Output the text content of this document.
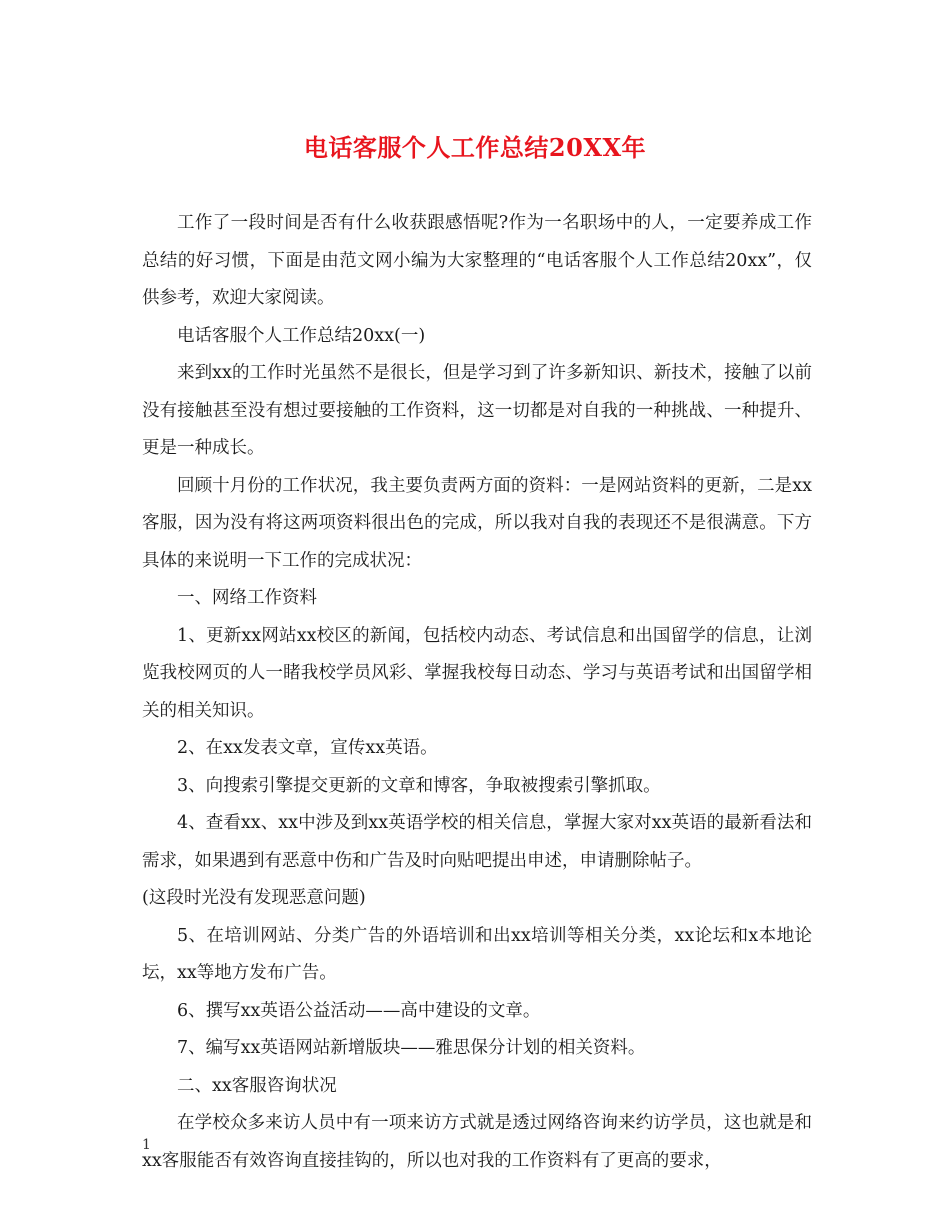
电话客服个人工作总结20XX年

工作了一段时间是否有什么收获跟感悟呢?作为一名职场中的人，一定要养成工作总结的好习惯，下面是由范文网小编为大家整理的“电话客服个人工作总结20xx”，仅供参考，欢迎大家阅读。

电话客服个人工作总结20xx(一)

来到xx的工作时光虽然不是很长，但是学习到了许多新知识、新技术，接触了以前没有接触甚至没有想过要接触的工作资料，这一切都是对自我的一种挑战、一种提升、更是一种成长。

回顾十月份的工作状况，我主要负责两方面的资料：一是网站资料的更新，二是xx客服，因为没有将这两项资料很出色的完成，所以我对自我的表现还不是很满意。下方具体的来说明一下工作的完成状况：

一、网络工作资料

1、更新xx网站xx校区的新闻，包括校内动态、考试信息和出国留学的信息，让浏览我校网页的人一睹我校学员风彩、掌握我校每日动态、学习与英语考试和出国留学相关的相关知识。

2、在xx发表文章，宣传xx英语。

3、向搜索引擎提交更新的文章和博客，争取被搜索引擎抓取。

4、查看xx、xx中涉及到xx英语学校的相关信息，掌握大家对xx英语的最新看法和需求，如果遇到有恶意中伤和广告及时向贴吧提出申述，申请删除帖子。

(这段时光没有发现恶意问题)

5、在培训网站、分类广告的外语培训和出xx培训等相关分类，xx论坛和x本地论坛，xx等地方发布广告。

6、撰写xx英语公益活动——高中建设的文章。

7、编写xx英语网站新增版块——雅思保分计划的相关资料。

二、xx客服咨询状况

在学校众多来访人员中有一项来访方式就是透过网络咨询来约访学员，这也就是和xx客服能否有效咨询直接挂钩的，所以也对我的工作资料有了更高的要求，

1
